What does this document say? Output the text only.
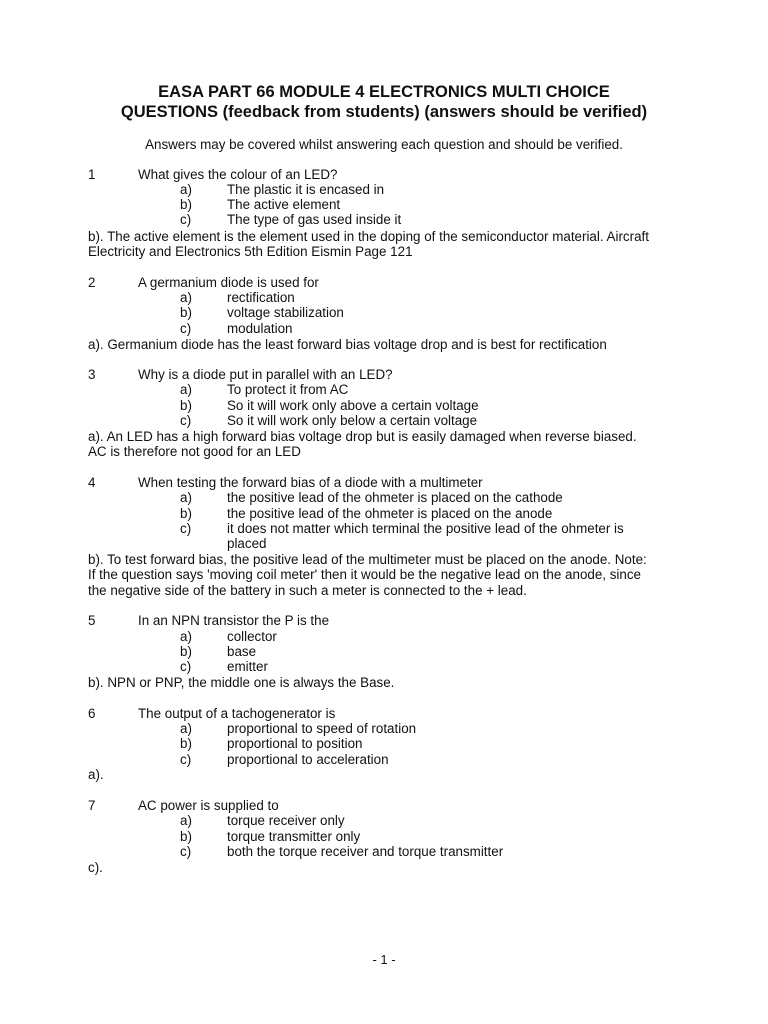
EASA PART 66 MODULE 4 ELECTRONICS MULTI CHOICE
QUESTIONS (feedback from students) (answers should be verified)
Answers may be covered whilst answering each question and should be verified.
1	What gives the colour of an LED?
a)	The plastic it is encased in
b)	The active element
c)	The type of gas used inside it
b). The active element is the element used in the doping of the semiconductor material. Aircraft
Electricity and Electronics 5th Edition Eismin Page 121
2	A germanium diode is used for
a)	rectification
b)	voltage stabilization
c)	modulation
a). Germanium diode has the least forward bias voltage drop and is best for rectification
3	Why is a diode put in parallel with an LED?
a)	To protect it from AC
b)	So it will work only above a certain voltage
c)	So it will work only below a certain voltage
a). An LED has a high forward bias voltage drop but is easily damaged when reverse biased.
AC is therefore not good for an LED
4	When testing the forward bias of a diode with a multimeter
a)	the positive lead of the ohmeter is placed on the cathode
b)	the positive lead of the ohmeter is placed on the anode
c)	it does not matter which terminal the positive lead of the ohmeter is
placed
b). To test forward bias, the positive lead of the multimeter must be placed on the anode. Note:
If the question says 'moving coil meter' then it would be the negative lead on the anode, since
the negative side of the battery in such a meter is connected to the + lead.
5	In an NPN transistor the P is the
a)	collector
b)	base
c)	emitter
b). NPN or PNP, the middle one is always the Base.
6	The output of a tachogenerator is
a)	proportional to speed of rotation
b)	proportional to position
c)	proportional to acceleration
a).
7	AC power is supplied to
a)	torque receiver only
b)	torque transmitter only
c)	both the torque receiver and torque transmitter
c).
- 1 -
